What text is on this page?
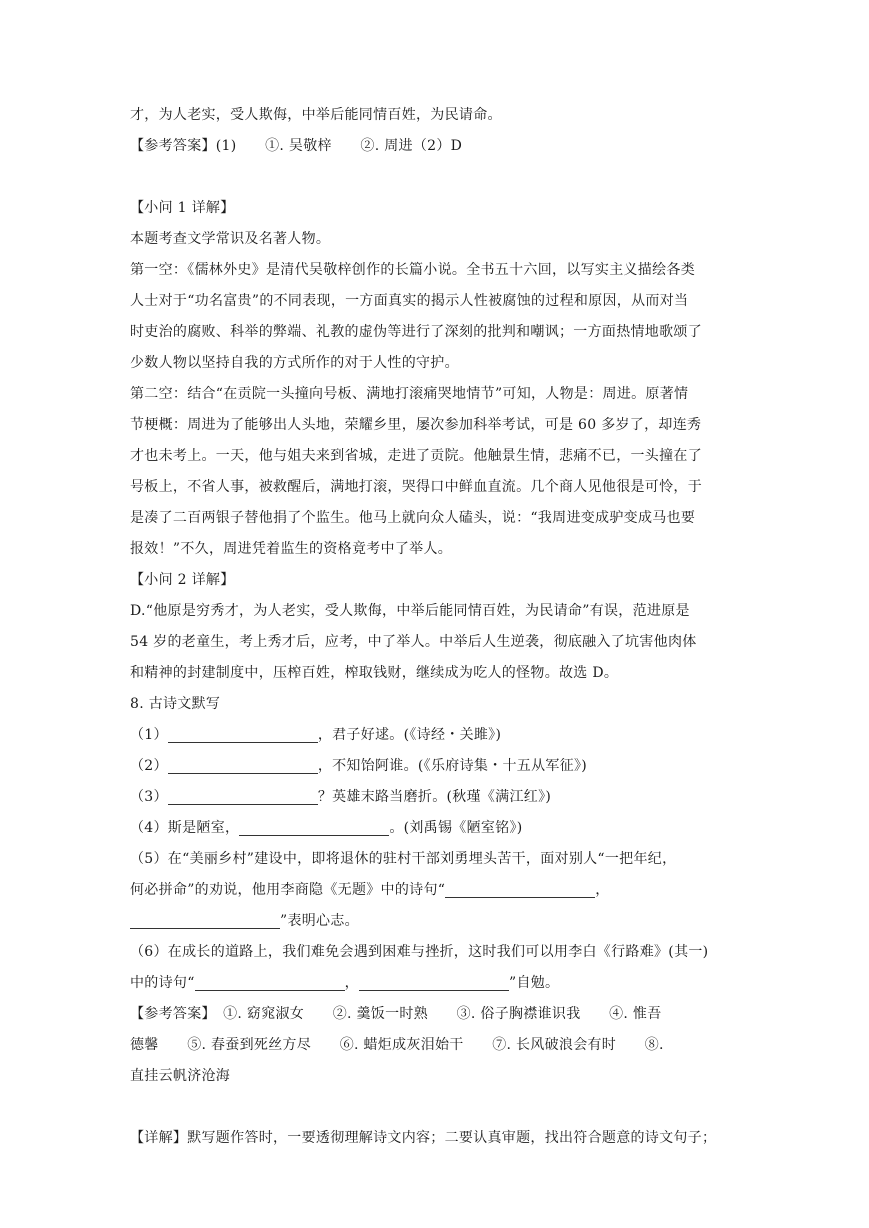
才，为人老实，受人欺侮，中举后能同情百姓，为民请命。
【参考答案】(1)　　①. 吴敬梓　　②. 周进（2）D
【小问 1 详解】
本题考查文学常识及名著人物。
第一空：《儒林外史》是清代吴敬梓创作的长篇小说。全书五十六回，以写实主义描绘各类
人士对于“功名富贵”的不同表现，一方面真实的揭示人性被腐蚀的过程和原因，从而对当
时吏治的腐败、科举的弊端、礼教的虚伪等进行了深刻的批判和嘲讽；一方面热情地歌颂了
少数人物以坚持自我的方式所作的对于人性的守护。
第二空：结合“在贡院一头撞向号板、满地打滚痛哭地情节”可知，人物是：周进。原著情
节梗概：周进为了能够出人头地，荣耀乡里，屡次参加科举考试，可是 60 多岁了，却连秀
才也未考上。一天，他与姐夫来到省城，走进了贡院。他触景生情，悲痛不已，一头撞在了
号板上，不省人事，被救醒后，满地打滚，哭得口中鲜血直流。几个商人见他很是可怜，于
是凑了二百两银子替他捐了个监生。他马上就向众人磕头，说：“我周进变成驴变成马也要
报效！”不久，周进凭着监生的资格竟考中了举人。
【小问 2 详解】
D.“他原是穷秀才，为人老实，受人欺侮，中举后能同情百姓，为民请命”有误，范进原是
54 岁的老童生，考上秀才后，应考，中了举人。中举后人生逆袭，彻底融入了坑害他肉体
和精神的封建制度中，压榨百姓，榨取钱财，继续成为吃人的怪物。故选 D。
8. 古诗文默写
（1）	，君子好逑。(《诗经・关雎》)
（2）	，不知饴阿谁。(《乐府诗集・十五从军征》)
（3）	？英雄末路当磨折。(秋瑾《满江红》)
（4）斯是陋室，	。(刘禹锡《陋室铭》)
（5）在“美丽乡村”建设中，即将退休的驻村干部刘勇埋头苦干，面对别人“一把年纪，
何必拼命”的劝说，他用李商隐《无题》中的诗句“	，
”表明心志。
（6）在成长的道路上，我们难免会遇到困难与挫折，这时我们可以用李白《行路难》(其一)
中的诗句“	，	”自勉。
【参考答案】　①. 窈窕淑女　　②. 羹饭一时熟　　③. 俗子胸襟谁识我　　④. 惟吾
德馨　　⑤. 春蚕到死丝方尽　　⑥. 蜡炬成灰泪始干　　⑦. 长风破浪会有时　　⑧.
直挂云帆济沧海
【详解】默写题作答时，一要透彻理解诗文内容；二要认真审题，找出符合题意的诗文句子；
